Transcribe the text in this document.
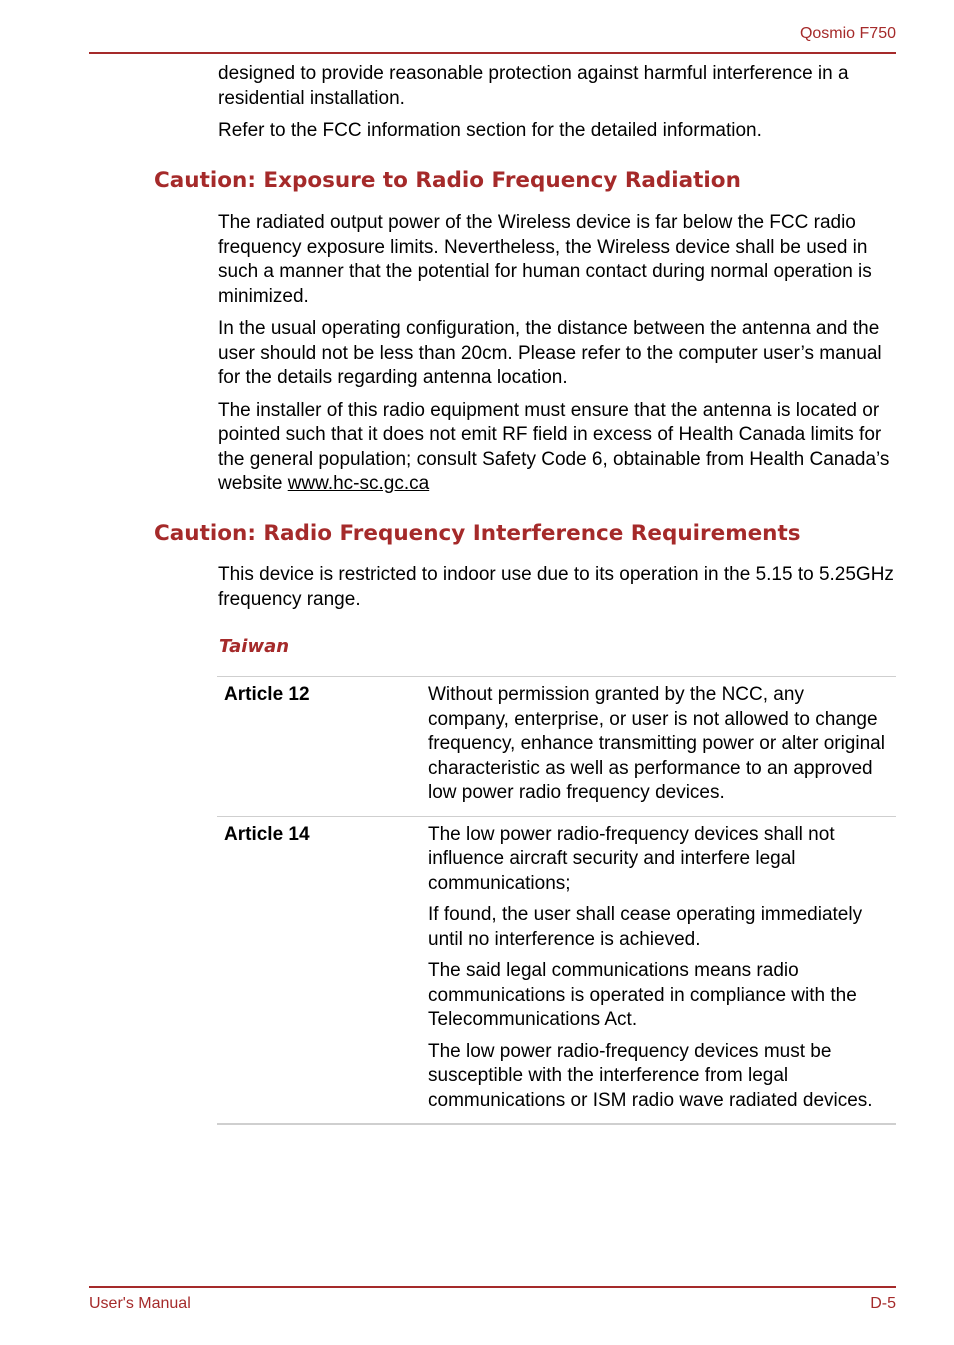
Qosmio F750

designed to provide reasonable protection against harmful interference in a residential installation.

Refer to the FCC information section for the detailed information.

Caution: Exposure to Radio Frequency Radiation

The radiated output power of the Wireless device is far below the FCC radio frequency exposure limits. Nevertheless, the Wireless device shall be used in such a manner that the potential for human contact during normal operation is minimized.

In the usual operating configuration, the distance between the antenna and the user should not be less than 20cm. Please refer to the computer user’s manual for the details regarding antenna location.

The installer of this radio equipment must ensure that the antenna is located or pointed such that it does not emit RF field in excess of Health Canada limits for the general population; consult Safety Code 6, obtainable from Health Canada’s website www.hc-sc.gc.ca

Caution: Radio Frequency Interference Requirements

This device is restricted to indoor use due to its operation in the 5.15 to 5.25GHz frequency range.

Taiwan
Article 12	Without permission granted by the NCC, any company, enterprise, or user is not allowed to change frequency, enhance transmitting power or alter original characteristic as well as performance to an approved low power radio frequency devices.

Article 14	The low power radio-frequency devices shall not influence aircraft security and interfere legal communications;

If found, the user shall cease operating immediately until no interference is achieved.

The said legal communications means radio communications is operated in compliance with the Telecommunications Act.

The low power radio-frequency devices must be susceptible with the interference from legal communications or ISM radio wave radiated devices.

User's Manual	D-5
